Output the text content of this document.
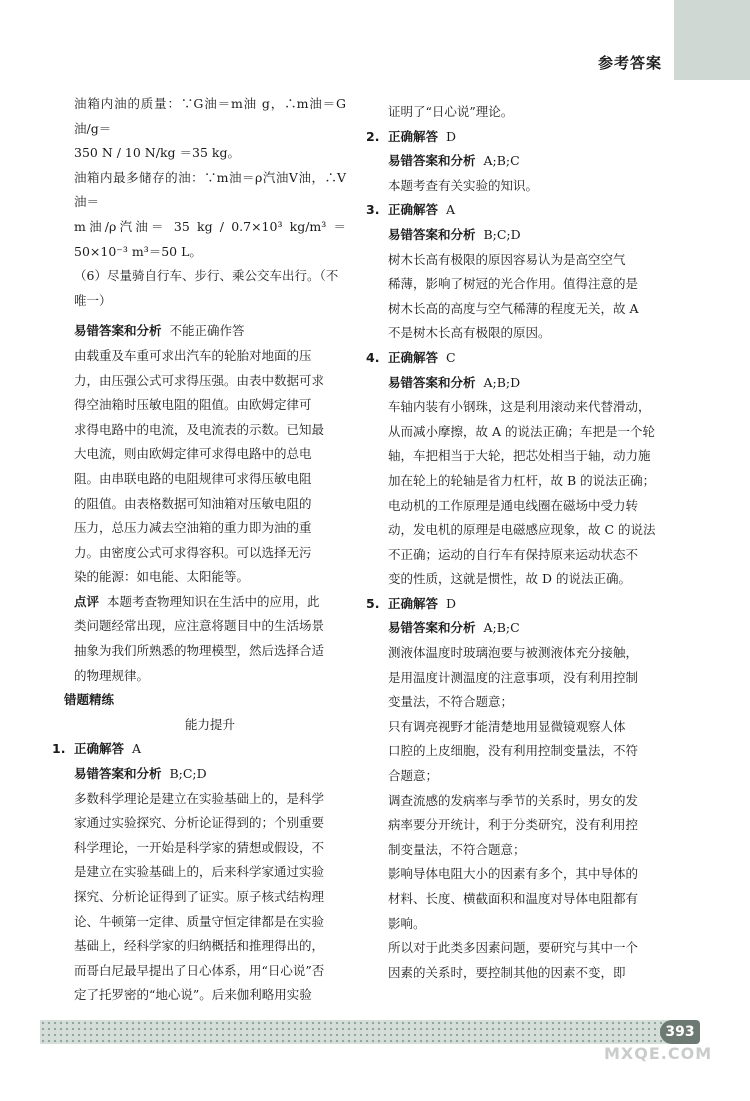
参考答案

油箱内油的质量：∵G油＝m油 g，∴m油＝G油/g＝

350 N / 10 N/kg ＝35 kg。

油箱内最多储存的油：∵m油＝ρ汽油V油，∴V油＝

m油/ρ汽油＝ 35 kg / 0.7×10³ kg/m³ ＝50×10⁻³ m³＝50 L。

（6）尽量骑自行车、步行、乘公交车出行。（不

唯一）

易错答案和分析 不能正确作答

由载重及车重可求出汽车的轮胎对地面的压

力，由压强公式可求得压强。由表中数据可求

得空油箱时压敏电阻的阻值。由欧姆定律可

求得电路中的电流，及电流表的示数。已知最

大电流，则由欧姆定律可求得电路中的总电

阻。由串联电路的电阻规律可求得压敏电阻

的阻值。由表格数据可知油箱对压敏电阻的

压力，总压力减去空油箱的重力即为油的重

力。由密度公式可求得容积。可以选择无污

染的能源：如电能、太阳能等。

点评 本题考查物理知识在生活中的应用，此

类问题经常出现，应注意将题目中的生活场景

抽象为我们所熟悉的物理模型，然后选择合适

的物理规律。

错题精练

能力提升

1. 正确解答 A

易错答案和分析 B;C;D

多数科学理论是建立在实验基础上的，是科学

家通过实验探究、分析论证得到的；个别重要

科学理论，一开始是科学家的猜想或假设，不

是建立在实验基础上的，后来科学家通过实验

探究、分析论证得到了证实。原子核式结构理

论、牛顿第一定律、质量守恒定律都是在实验

基础上，经科学家的归纳概括和推理得出的，

而哥白尼最早提出了日心体系，用“日心说”否

定了托罗密的“地心说”。后来伽利略用实验

证明了“日心说”理论。

2. 正确解答 D

易错答案和分析 A;B;C

本题考查有关实验的知识。

3. 正确解答 A

易错答案和分析 B;C;D

树木长高有极限的原因容易认为是高空空气

稀薄，影响了树冠的光合作用。值得注意的是

树木长高的高度与空气稀薄的程度无关，故 A

不是树木长高有极限的原因。

4. 正确解答 C

易错答案和分析 A;B;D

车轴内装有小钢珠，这是利用滚动来代替滑动，

从而减小摩擦，故 A 的说法正确；车把是一个轮

轴，车把相当于大轮，把芯处相当于轴，动力施

加在轮上的轮轴是省力杠杆，故 B 的说法正确；

电动机的工作原理是通电线圈在磁场中受力转

动，发电机的原理是电磁感应现象，故 C 的说法

不正确；运动的自行车有保持原来运动状态不

变的性质，这就是惯性，故 D 的说法正确。

5. 正确解答 D

易错答案和分析 A;B;C

测液体温度时玻璃泡要与被测液体充分接触，

是用温度计测温度的注意事项，没有利用控制

变量法，不符合题意；

只有调亮视野才能清楚地用显微镜观察人体

口腔的上皮细胞，没有利用控制变量法，不符

合题意；

调查流感的发病率与季节的关系时，男女的发

病率要分开统计，利于分类研究，没有利用控

制变量法，不符合题意；

影响导体电阻大小的因素有多个，其中导体的

材料、长度、横截面积和温度对导体电阻都有

影响。

所以对于此类多因素问题，要研究与其中一个

因素的关系时，要控制其他的因素不变，即

393
MXQE.COM
